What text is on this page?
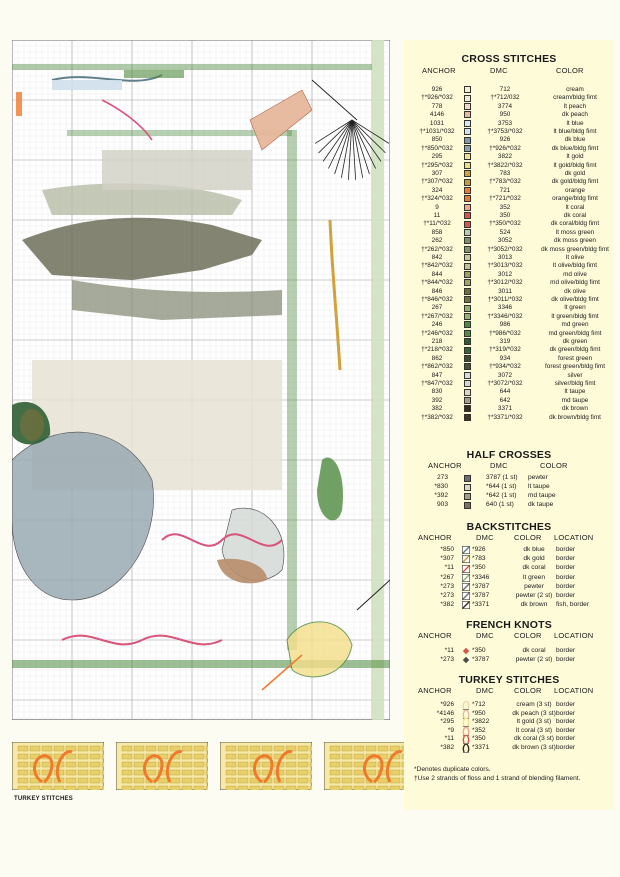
TURKEY STITCHES
CROSS STITCHES
ANCHOR	DMC	COLOR
926	712	cream
†*926/*032	†*712/032	cream/bldg fimt
778	3774	lt peach
4146	950	dk peach
1031	3753	lt blue
†*1031/*032	†*3753/*032	lt blue/bldg fimt
850	926	dk blue
†*850/*032	†*926/*032	dk blue/bldg fimt
295	3822	lt gold
†*295/*032	†*3822/*032	lt gold/bldg fimt
307	783	dk gold
†*307/*032	†*783/*032	dk gold/bldg fimt
324	721	orange
†*324/*032	†*721/*032	orange/bldg fimt
9	352	lt coral
11	350	dk coral
†*11/*032	†*350/*032	dk coral/bldg fimt
858	524	lt moss green
262	3052	dk moss green
†*262/*032	†*3052/*032	dk moss green/bldg fimt
842	3013	lt olive
†*842/*032	†*3013/*032	lt olive/bldg fimt
844	3012	md olive
†*844/*032	†*3012/*032	md olive/bldg fimt
846	3011	dk olive
†*846/*032	†*3011/*032	dk olive/bldg fimt
267	3346	lt green
†*267/*032	†*3346/*032	lt green/bldg fimt
246	986	md green
†*246/*032	†*986/*032	md green/bldg fimt
218	319	dk green
†*218/*032	†*319/*032	dk green/bldg fimt
862	934	forest green
†*862/*032	†*934/*032	forest green/bldg fimt
847	3072	silver
†*847/*032	†*3072/*032	silver/bldg fimt
830	644	lt taupe
392	642	md taupe
382	3371	dk brown
†*382/*032	†*3371/*032	dk brown/bldg fimt
HALF CROSSES
ANCHOR	DMC	COLOR
273	3787 (1 st)	pewter
*830	*644 (1 st)	lt taupe
*392	*642 (1 st)	md taupe
903	640 (1 st)	dk taupe
BACKSTITCHES
ANCHOR	DMC	COLOR LOCATION
*850	*926	dk blue	border
*307	*783	dk gold	border
*11	*350	dk coral	border
*267	*3346	lt green	border
*273	*3787	pewter	border
*273	*3787	pewter (2 st) border
*382	*3371	dk brown	fish, border
FRENCH KNOTS
ANCHOR	DMC	COLOR LOCATION
*11	*350	dk coral	border
*273	*3787	pewter (2 st) border
TURKEY STITCHES
ANCHOR	DMC	COLOR LOCATION
*926	*712	cream (3 st) border
*4146	*950	dk peach (3 st) border
*295	*3822	lt gold (3 st) border
*9	*352	lt coral (3 st) border
*11	*350	dk coral (3 st) border
*382	*3371	dk brown (3 st) border
*Denotes duplicate colors.
†Use 2 strands of floss and 1 strand of blending filament.
